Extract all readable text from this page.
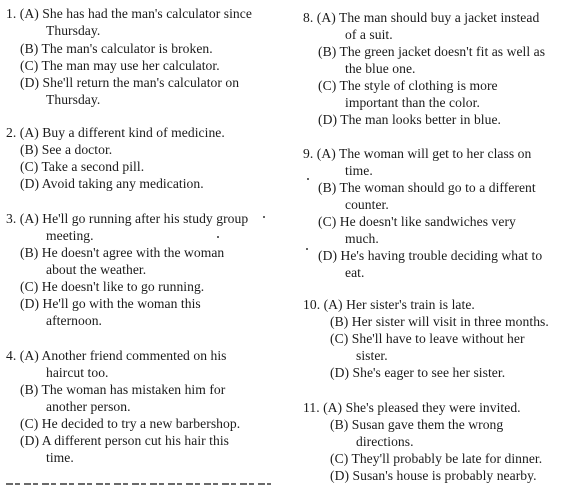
1. (A) She has had the man's calculator since
Thursday.
(B) The man's calculator is broken.
(C) The man may use her calculator.
(D) She'll return the man's calculator on
Thursday.
2. (A) Buy a different kind of medicine.
(B) See a doctor.
(C) Take a second pill.
(D) Avoid taking any medication.
3. (A) He'll go running after his study group
meeting.
(B) He doesn't agree with the woman
about the weather.
(C) He doesn't like to go running.
(D) He'll go with the woman this
afternoon.
4. (A) Another friend commented on his
haircut too.
(B) The woman has mistaken him for
another person.
(C) He decided to try a new barbershop.
(D) A different person cut his hair this
time.
8. (A) The man should buy a jacket instead
of a suit.
(B) The green jacket doesn't fit as well as
the blue one.
(C) The style of clothing is more
important than the color.
(D) The man looks better in blue.
9. (A) The woman will get to her class on
time.
(B) The woman should go to a different
counter.
(C) He doesn't like sandwiches very
much.
(D) He's having trouble deciding what to
eat.
10. (A) Her sister's train is late.
(B) Her sister will visit in three months.
(C) She'll have to leave without her
sister.
(D) She's eager to see her sister.
11. (A) She's pleased they were invited.
(B) Susan gave them the wrong
directions.
(C) They'll probably be late for dinner.
(D) Susan's house is probably nearby.
